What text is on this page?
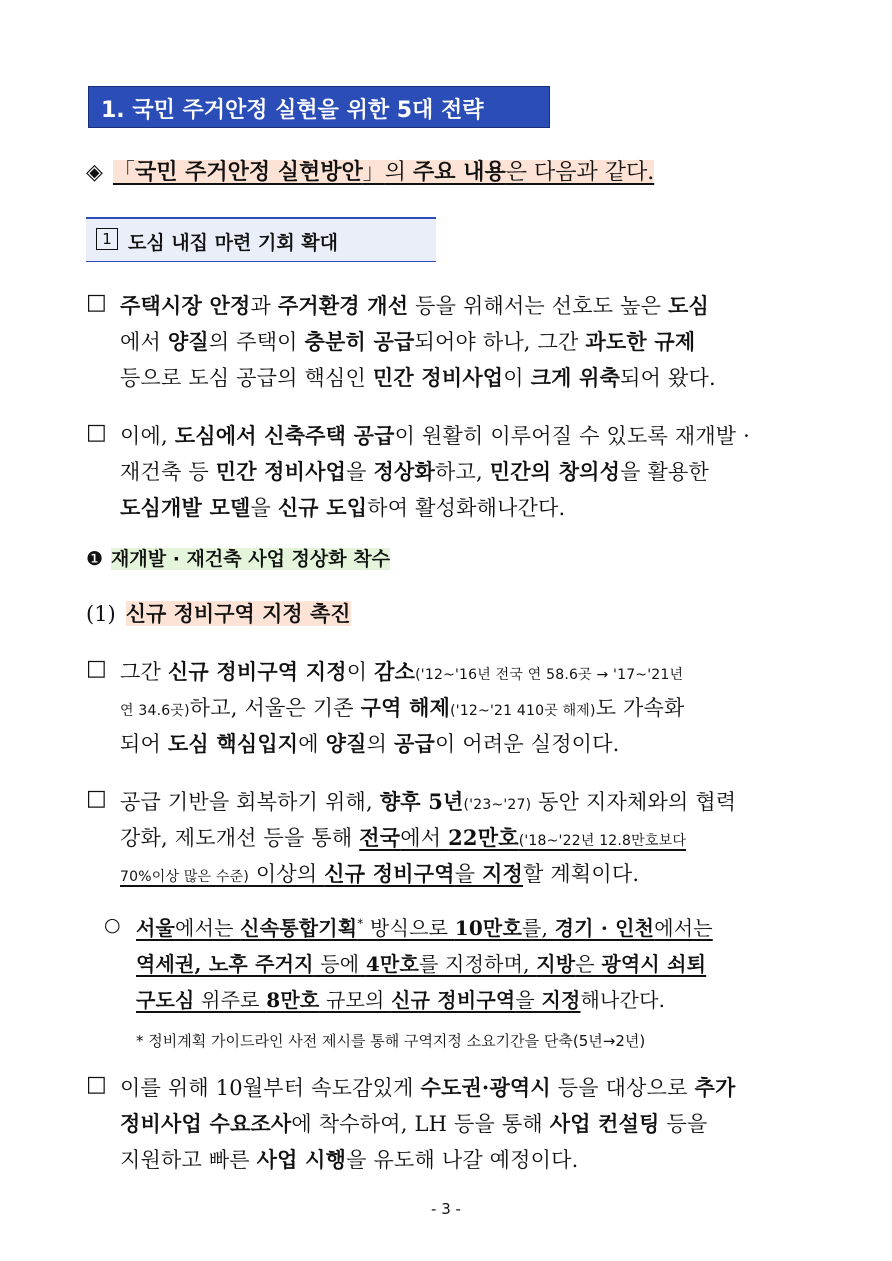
1. 국민 주거안정 실현을 위한 5대 전략
◈ 「국민 주거안정 실현방안」의 주요 내용은 다음과 같다.
1 도심 내집 마련 기회 확대
□ 주택시장 안정과 주거환경 개선 등을 위해서는 선호도 높은 도심
에서 양질의 주택이 충분히 공급되어야 하나, 그간 과도한 규제
등으로 도심 공급의 핵심인 민간 정비사업이 크게 위축되어 왔다.
□ 이에, 도심에서 신축주택 공급이 원활히 이루어질 수 있도록 재개발 ·
재건축 등 민간 정비사업을 정상화하고, 민간의 창의성을 활용한
도심개발 모델을 신규 도입하여 활성화해나간다.
❶ 재개발 · 재건축 사업 정상화 착수
(1) 신규 정비구역 지정 촉진
□ 그간 신규 정비구역 지정이 감소('12~'16년 전국 연 58.6곳 → '17~'21년
연 34.6곳)하고, 서울은 기존 구역 해제('12~'21 410곳 해제)도 가속화
되어 도심 핵심입지에 양질의 공급이 어려운 실정이다.
□ 공급 기반을 회복하기 위해, 향후 5년('23~'27) 동안 지자체와의 협력
강화, 제도개선 등을 통해 전국에서 22만호('18~'22년 12.8만호보다
70%이상 많은 수준) 이상의 신규 정비구역을 지정할 계획이다.
○ 서울에서는 신속통합기획* 방식으로 10만호를, 경기 · 인천에서는
역세권, 노후 주거지 등에 4만호를 지정하며, 지방은 광역시 쇠퇴
구도심 위주로 8만호 규모의 신규 정비구역을 지정해나간다.
* 정비계획 가이드라인 사전 제시를 통해 구역지정 소요기간을 단축(5년→2년)
□ 이를 위해 10월부터 속도감있게 수도권·광역시 등을 대상으로 추가
정비사업 수요조사에 착수하여, LH 등을 통해 사업 컨설팅 등을
지원하고 빠른 사업 시행을 유도해 나갈 예정이다.
- 3 -
